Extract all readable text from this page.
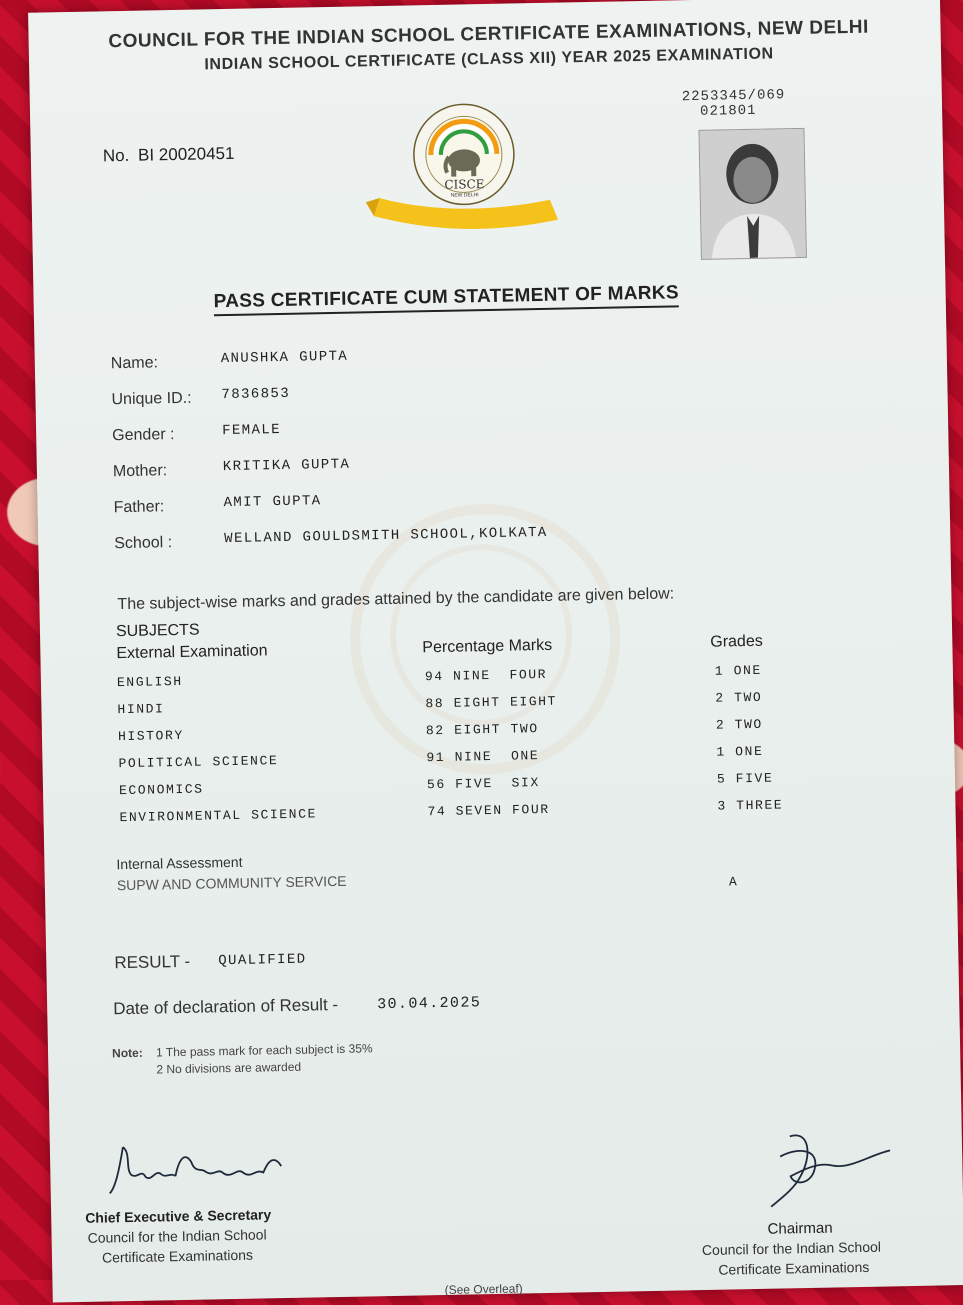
COUNCIL FOR THE INDIAN SCHOOL CERTIFICATE EXAMINATIONS, NEW DELHI
INDIAN SCHOOL CERTIFICATE (CLASS XII) YEAR 2025 EXAMINATION
No. BI 20020451
CISCE
NEW DELHI
2253345/069
021801
PASS CERTIFICATE CUM STATEMENT OF MARKS
Name:	ANUSHKA GUPTA
Unique ID.: 7836853
Gender :	FEMALE
Mother:	KRITIKA GUPTA
Father:	AMIT GUPTA
School :	WELLAND GOULDSMITH SCHOOL,KOLKATA
The subject-wise marks and grades attained by the candidate are given below:
SUBJECTS
External Examination	Percentage Marks	Grades
ENGLISH	94 NINE  FOUR	1 ONE
HINDI	88 EIGHT EIGHT	2 TWO
HISTORY	82 EIGHT TWO	2 TWO
POLITICAL SCIENCE	91 NINE  ONE	1 ONE
ECONOMICS	56 FIVE  SIX	5 FIVE
ENVIRONMENTAL SCIENCE	74 SEVEN FOUR	3 THREE
Internal Assessment
SUPW AND COMMUNITY SERVICE	A
RESULT - QUALIFIED
Date of declaration of Result -	30.04.2025
Note: 1 The pass mark for each subject is 35%
2 No divisions are awarded
Chief Executive & Secretary
Council for the Indian School
Certificate Examinations
Chairman
Council for the Indian School
Certificate Examinations
(See Overleaf)
